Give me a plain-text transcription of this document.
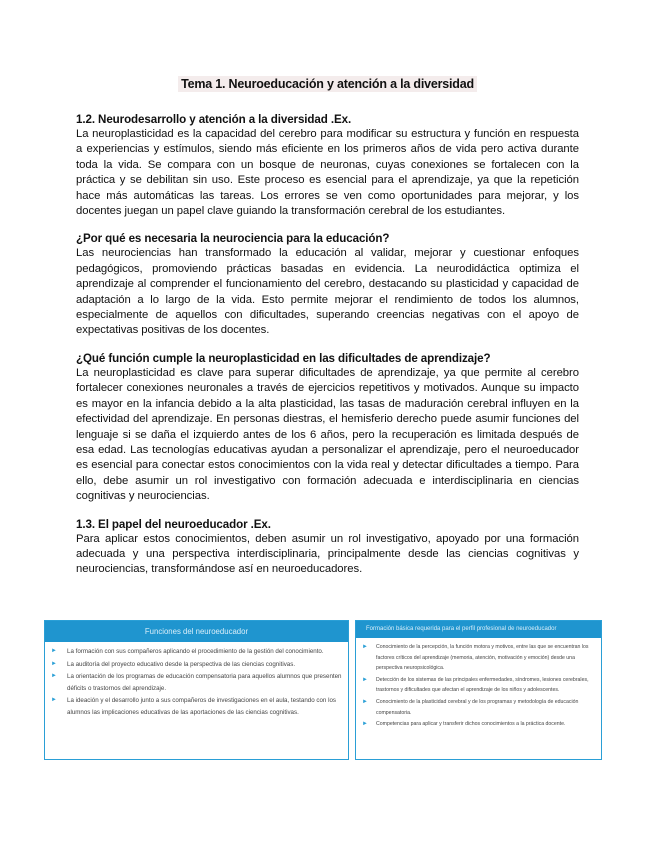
Tema 1. Neuroeducación y atención a la diversidad
1.2. Neurodesarrollo y atención a la diversidad .Ex.

La neuroplasticidad es la capacidad del cerebro para modificar su estructura y función en respuesta a experiencias y estímulos, siendo más eficiente en los primeros años de vida pero activa durante toda la vida. Se compara con un bosque de neuronas, cuyas conexiones se fortalecen con la práctica y se debilitan sin uso. Este proceso es esencial para el aprendizaje, ya que la repetición hace más automáticas las tareas. Los errores se ven como oportunidades para mejorar, y los docentes juegan un papel clave guiando la transformación cerebral de los estudiantes.

¿Por qué es necesaria la neurociencia para la educación?

Las neurociencias han transformado la educación al validar, mejorar y cuestionar enfoques pedagógicos, promoviendo prácticas basadas en evidencia. La neurodidáctica optimiza el aprendizaje al comprender el funcionamiento del cerebro, destacando su plasticidad y capacidad de adaptación a lo largo de la vida. Esto permite mejorar el rendimiento de todos los alumnos, especialmente de aquellos con dificultades, superando creencias negativas con el apoyo de expectativas positivas de los docentes.

¿Qué función cumple la neuroplasticidad en las dificultades de aprendizaje?

La neuroplasticidad es clave para superar dificultades de aprendizaje, ya que permite al cerebro fortalecer conexiones neuronales a través de ejercicios repetitivos y motivados. Aunque su impacto es mayor en la infancia debido a la alta plasticidad, las tasas de maduración cerebral influyen en la efectividad del aprendizaje. En personas diestras, el hemisferio derecho puede asumir funciones del lenguaje si se daña el izquierdo antes de los 6 años, pero la recuperación es limitada después de esa edad. Las tecnologías educativas ayudan a personalizar el aprendizaje, pero el neuroeducador es esencial para conectar estos conocimientos con la vida real y detectar dificultades a tiempo. Para ello, debe asumir un rol investigativo con formación adecuada e interdisciplinaria en ciencias cognitivas y neurociencias.

1.3. El papel del neuroeducador .Ex.

Para aplicar estos conocimientos, deben asumir un rol investigativo, apoyado por una formación adecuada y una perspectiva interdisciplinaria, principalmente desde las ciencias cognitivas y neurociencias, transformándose así en neuroeducadores.

Funciones del neuroeducador
► La formación con sus compañeros aplicando el procedimiento de la gestión del conocimiento.
► La auditoría del proyecto educativo desde la perspectiva de las ciencias cognitivas.
► La orientación de los programas de educación compensatoria para aquellos alumnos que presenten déficits o trastornos del aprendizaje.
► La ideación y el desarrollo junto a sus compañeros de investigaciones en el aula, testando con los alumnos las implicaciones educativas de las aportaciones de las ciencias cognitivas.
Formación básica requerida para el perfil profesional de neuroeducador
► Conocimiento de la percepción, la función motora y motivos, entre las que se encuentran los factores críticos del aprendizaje (memoria, atención, motivación y emoción) desde una perspectiva neuropsicológica.
► Detección de los sistemas de las principales enfermedades, síndromes, lesiones cerebrales, trastornos y dificultades que afectan el aprendizaje de los niños y adolescentes.
► Conocimiento de la plasticidad cerebral y de los programas y metodología de educación compensatoria.
► Competencias para aplicar y transferir dichos conocimientos a la práctica docente.
